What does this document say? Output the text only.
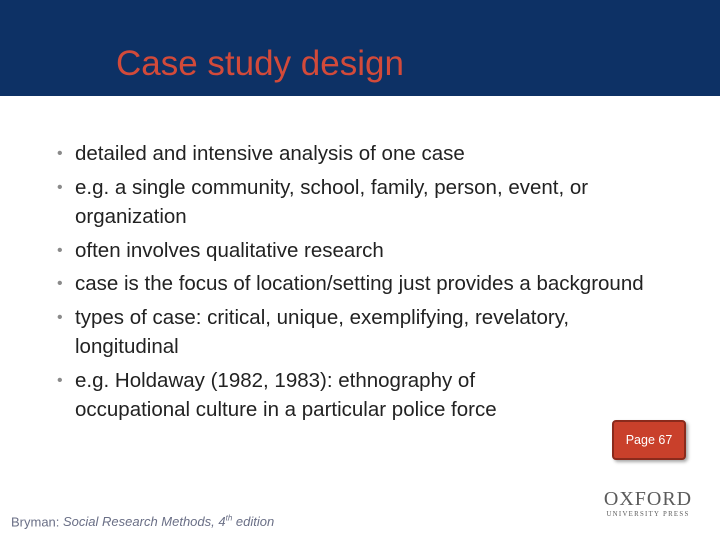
Case study design
• detailed and intensive analysis of one case
• e.g. a single community, school, family, person, event, or organization
• often involves qualitative research
• case is the focus of location/setting just provides a background
• types of case: critical, unique, exemplifying, revelatory, longitudinal
• e.g. Holdaway (1982, 1983): ethnography of occupational culture in a particular police force
Page 67
Bryman: Social Research Methods, 4th edition
OXFORD
UNIVERSITY PRESS
